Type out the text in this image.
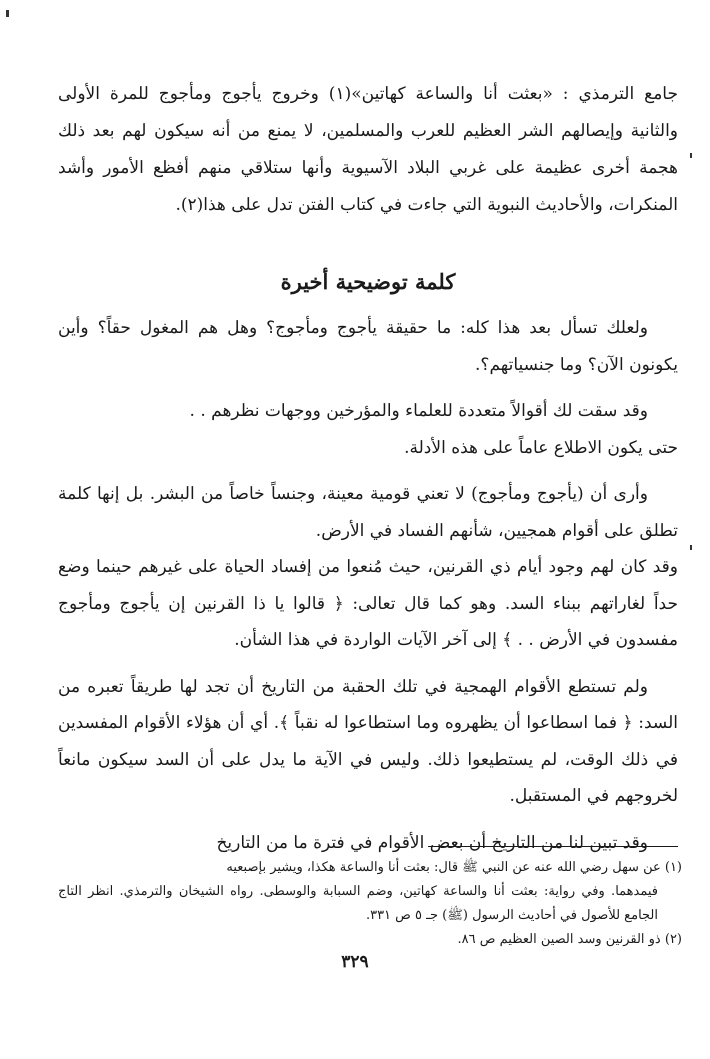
جامع الترمذي : «بعثت أنا والساعة كهاتين»(١) وخروج يأجوج ومأجوج للمرة الأولى والثانية وإيصالهم الشر العظيم للعرب والمسلمين، لا يمنع من أنه سيكون لهم بعد ذلك هجمة أخرى عظيمة على غربي البلاد الآسيوية وأنها ستلاقي منهم أفظع الأمور وأشد المنكرات، والأحاديث النبوية التي جاءت في كتاب الفتن تدل على هذا(٢).

كلمة توضيحية أخيرة

ولعلك تسأل بعد هذا كله: ما حقيقة يأجوج ومأجوج؟ وهل هم المغول حقاً؟ وأين يكونون الآن؟ وما جنسياتهم؟.

وقد سقت لك أقوالاً متعددة للعلماء والمؤرخين ووجهات نظرهم . .

حتى يكون الاطلاع عاماً على هذه الأدلة.

وأرى أن (يأجوج ومأجوج) لا تعني قومية معينة، وجنساً خاصاً من البشر. بل إنها كلمة تطلق على أقوام همجيين، شأنهم الفساد في الأرض.

وقد كان لهم وجود أيام ذي القرنين، حيث مُنعوا من إفساد الحياة على غيرهم حينما وضع حداً لغاراتهم ببناء السد. وهو كما قال تعالى: ﴿ قالوا يا ذا القرنين إن يأجوج ومأجوج مفسدون في الأرض . . ﴾ إلى آخر الآيات الواردة في هذا الشأن.

ولم تستطع الأقوام الهمجية في تلك الحقبة من التاريخ أن تجد لها طريقاً تعبره من السد: ﴿ فما اسطاعوا أن يظهروه وما استطاعوا له نقباً ﴾. أي أن هؤلاء الأقوام المفسدين في ذلك الوقت، لم يستطيعوا ذلك. وليس في الآية ما يدل على أن السد سيكون مانعاً لخروجهم في المستقبل.

وقد تبين لنا من التاريخ أن بعض الأقوام في فترة ما من التاريخ

(١) عن سهل رضي الله عنه عن النبي ﷺ قال: بعثت أنا والساعة هكذا، ويشير بإصبعيه

فيمدهما. وفي رواية: بعثت أنا والساعة كهاتين، وضم السبابة والوسطى. رواه الشيخان والترمذي. انظر التاج الجامع للأصول في أحاديث الرسول (ﷺ) جـ ٥ ص ٣٣١.

(٢) ذو القرنين وسد الصين العظيم ص ٨٦.

٣٢٩
